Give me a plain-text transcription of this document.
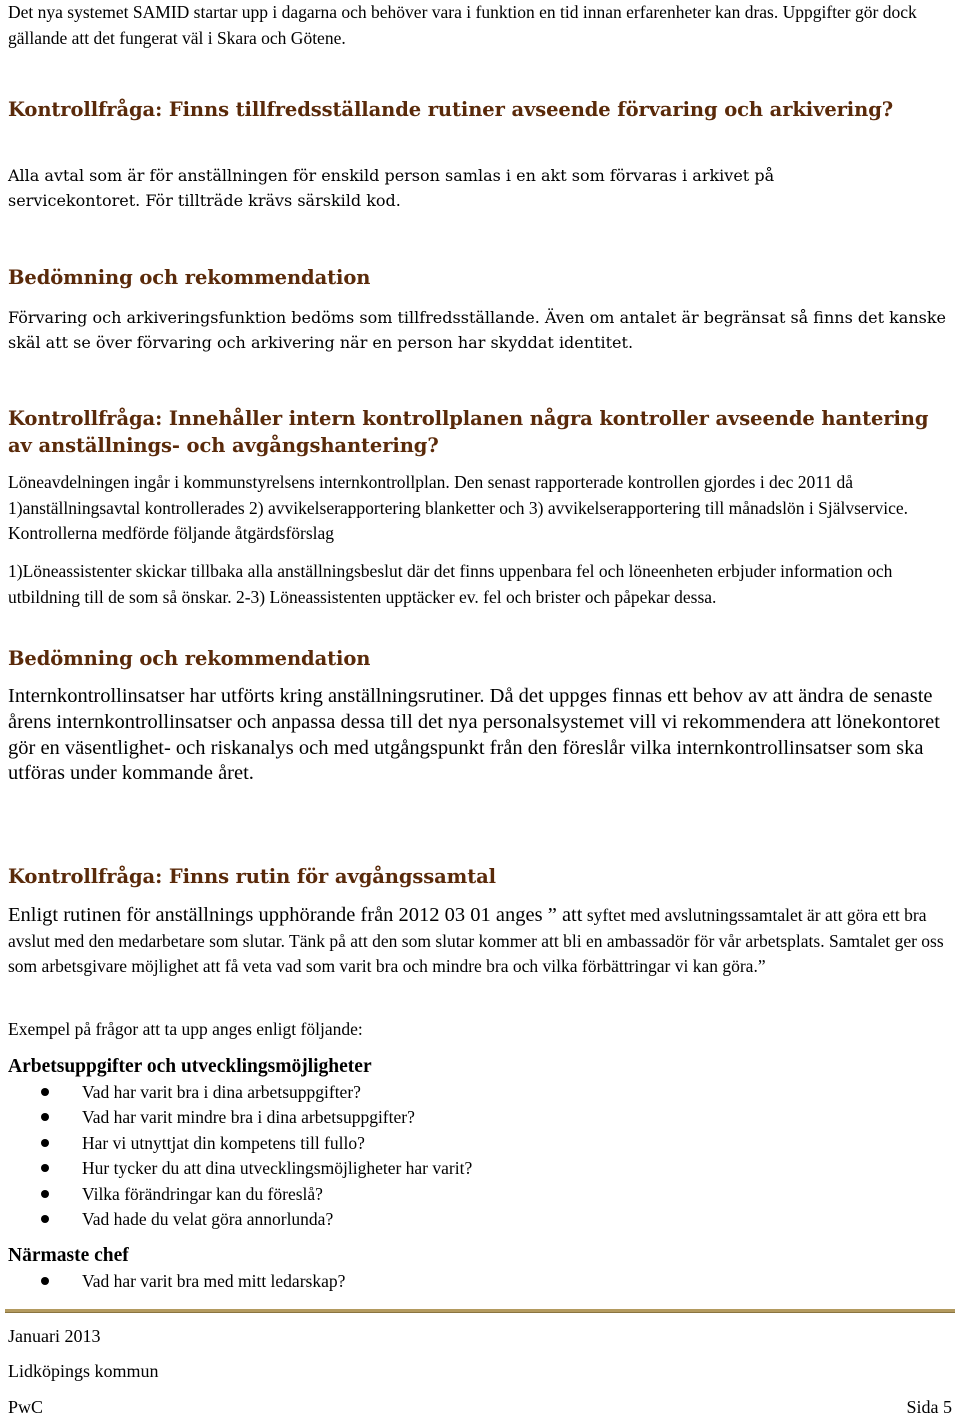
Det nya systemet SAMID startar upp i dagarna och behöver vara i funktion en tid innan erfarenheter kan dras. Uppgifter gör dock gällande att det fungerat väl i Skara och Götene.

Kontrollfråga: Finns tillfredsställande rutiner avseende förvaring och arkivering?

Alla avtal som är för anställningen för enskild person samlas i en akt som förvaras i arkivet på servicekontoret. För tillträde krävs särskild kod.

Bedömning och rekommendation

Förvaring och arkiveringsfunktion bedöms som tillfredsställande. Även om antalet är begränsat så finns det kanske skäl att se över förvaring och arkivering när en person har skyddat identitet.

Kontrollfråga: Innehåller intern kontrollplanen några kontroller avseende hantering av anställnings- och avgångshantering?

Löneavdelningen ingår i kommunstyrelsens internkontrollplan. Den senast rapporterade kontrollen gjordes i dec 2011 då 1)anställningsavtal kontrollerades 2) avvikelserapportering blanketter och 3) avvikelserapportering till månadslön i Självservice. Kontrollerna medförde följande åtgärdsförslag

1)Löneassistenter skickar tillbaka alla anställningsbeslut där det finns uppenbara fel och löneenheten erbjuder information och utbildning till de som så önskar. 2-3) Löneassistenten upptäcker ev. fel och brister och påpekar dessa.

Bedömning och rekommendation

Internkontrollinsatser har utförts kring anställningsrutiner. Då det uppges finnas ett behov av att ändra de senaste årens internkontrollinsatser och anpassa dessa till det nya personalsystemet vill vi rekommendera att lönekontoret gör en väsentlighet- och riskanalys och med utgångspunkt från den föreslår vilka internkontrollinsatser som ska utföras under kommande året.

Kontrollfråga: Finns rutin för avgångssamtal

Enligt rutinen för anställnings upphörande från 2012 03 01 anges ” att syftet med avslutningssamtalet är att göra ett bra avslut med den medarbetare som slutar. Tänk på att den som slutar kommer att bli en ambassadör för vår arbetsplats. Samtalet ger oss som arbetsgivare möjlighet att få veta vad som varit bra och mindre bra och vilka förbättringar vi kan göra.”

Exempel på frågor att ta upp anges enligt följande:

Arbetsuppgifter och utvecklingsmöjligheter
Vad har varit bra i dina arbetsuppgifter?
Vad har varit mindre bra i dina arbetsuppgifter?
Har vi utnyttjat din kompetens till fullo?
Hur tycker du att dina utvecklingsmöjligheter har varit?
Vilka förändringar kan du föreslå?
Vad hade du velat göra annorlunda?
Närmaste chef
Vad har varit bra med mitt ledarskap?

Januari 2013

Lidköpings kommun

PwC	Sida 5
